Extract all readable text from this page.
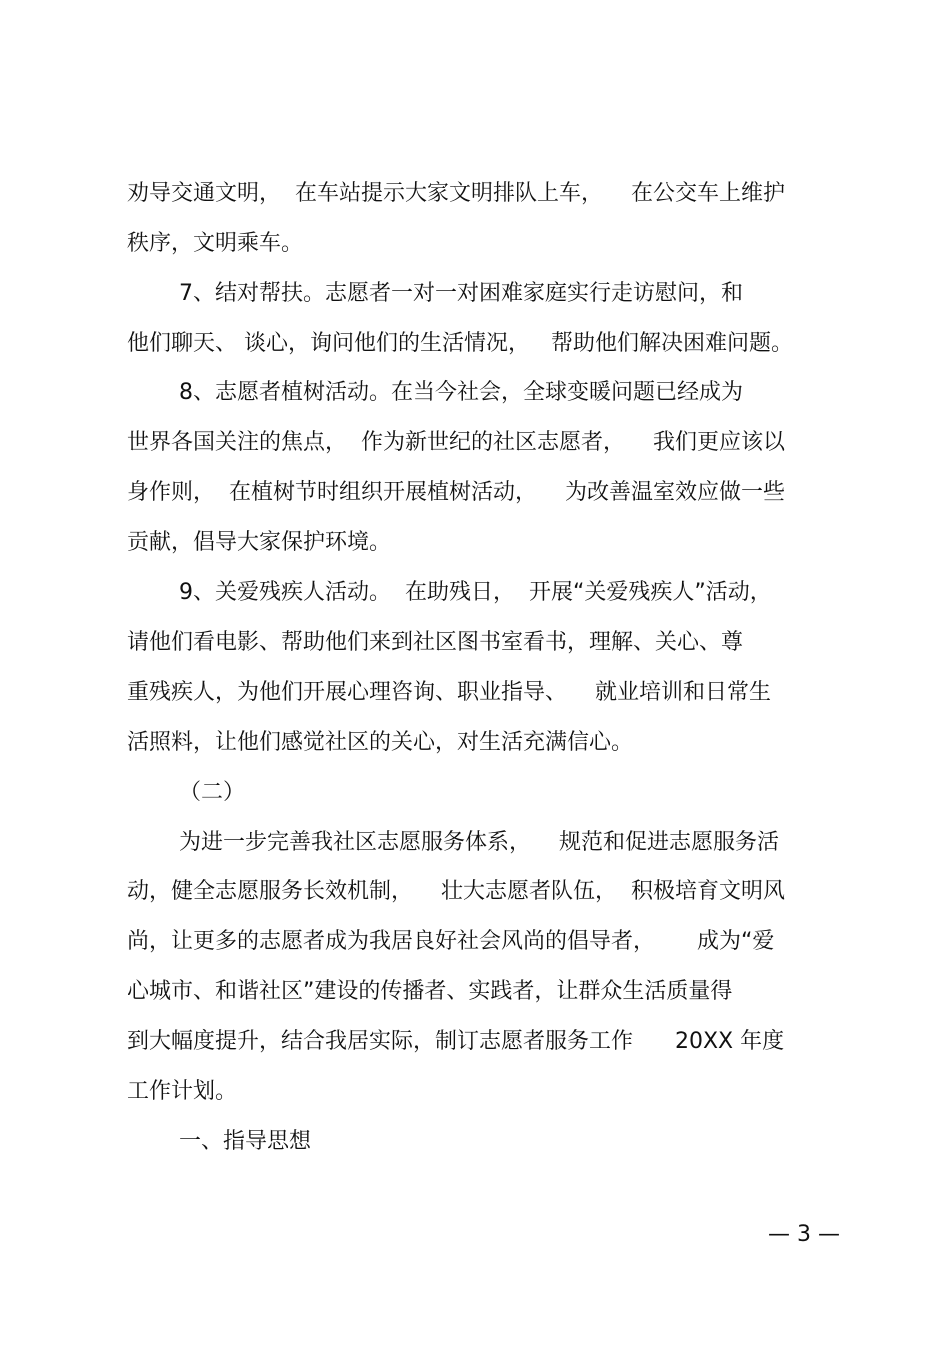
劝导交通文明，  在车站提示大家文明排队上车，    在公交车上维护
秩序，文明乘车。
7、结对帮扶。志愿者一对一对困难家庭实行走访慰问，和
他们聊天、 谈心，询问他们的生活情况，   帮助他们解决困难问题。
8、志愿者植树活动。在当今社会，全球变暖问题已经成为
世界各国关注的焦点，  作为新世纪的社区志愿者，    我们更应该以
身作则，  在植树节时组织开展植树活动，    为改善温室效应做一些
贡献，倡导大家保护环境。
9、关爱残疾人活动。  在助残日，  开展“关爱残疾人”活动，
请他们看电影、帮助他们来到社区图书室看书，理解、关心、尊
重残疾人，为他们开展心理咨询、职业指导、    就业培训和日常生
活照料，让他们感觉社区的关心，对生活充满信心。
（二）
为进一步完善我社区志愿服务体系，    规范和促进志愿服务活
动，健全志愿服务长效机制，    壮大志愿者队伍，  积极培育文明风
尚，让更多的志愿者成为我居良好社会风尚的倡导者，      成为“爱
心城市、和谐社区”建设的传播者、实践者，让群众生活质量得
到大幅度提升，结合我居实际，制订志愿者服务工作      20XX 年度
工作计划。
一、指导思想
— 3 —
